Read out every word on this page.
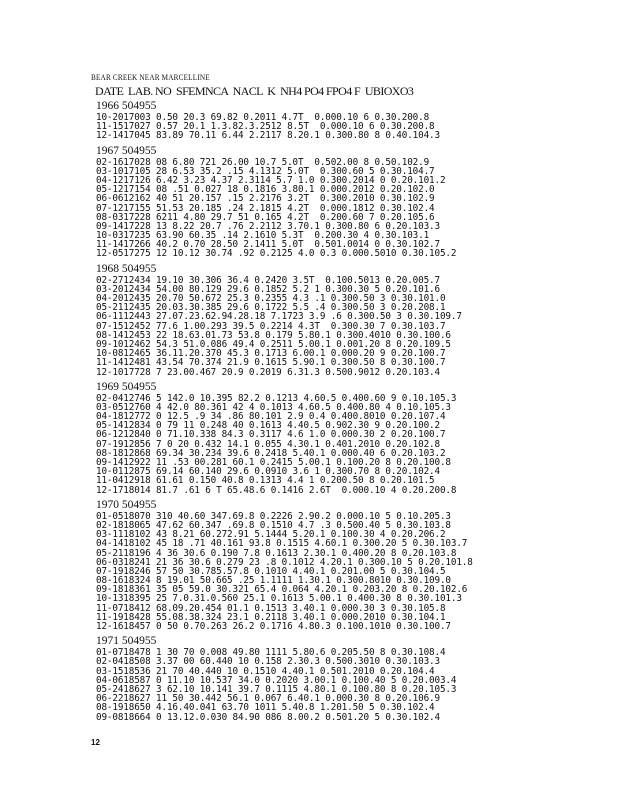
BEAR CREEK NEAR MARCELLINE
DATE  LAB. NO  SFEMNCA  NACL  K  NH4 PO4 FPO4 F  UBIOXO3
1966 504955
10-2017003 0.50 20.3 69.82 0.2011 4.7T  0.000.10 6 0.30.200.8
11-1517027 0.57 20.1 1.3.82.3.2512 8.5T  0.000.10 6 0.30.200.8
12-1417045 83.89 70.11 6.44 2.2117 8.20.1 0.300.80 8 0.40.104.3
1967 504955
02-1617028 08 6.80 721 26.00 10.7 5.0T  0.502.00 8 0.50.102.9
03-1017105 28 6.53 35.2 .15 4.1312 5.0T  0.300.60 5 0.30.104.7
04-1217126 6.42 3.23 4.37 2.3114 5.7 1.0 0.300.2014 0 0.20.101.2
05-1217154 08 .51 0.027 18 0.1816 3.80.1 0.000.2012 0.20.102.0
06-0612162 40 51 20.157 .15 2.2176 3.2T  0.300.2010 0.30.102.9
07-1217155 51.53 20.185 .24 2.1815 4.2T  0.000.1812 0.30.102.4
08-0317228 6211 4.80 29.7 51 0.165 4.2T  0.200.60 7 0.20.105.6
09-1417228 13 8.22 20.7 .76 2.2112 3.70.1 0.300.80 6 0.20.103.3
10-0317235 63.90 60.35 .14 2.1610 5.3T  0.200.30 4 0.30.103.1
11-1417266 40.2 0.70 28.50 2.1411 5.0T  0.501.0014 0 0.30.102.7
12-0517275 12 10.12 30.74 .92 0.2125 4.0 0.3 0.000.5010 0.30.105.2
1968 504955
02-2712434 19.10 30.306 36.4 0.2420 3.5T  0.100.5013 0.20.005.7
03-2012434 54.00 80.129 29.6 0.1852 5.2 1 0.300.30 5 0.20.101.6
04-2012435 20.70 50.672 25.3 0.2355 4.3 .1 0.300.50 3 0.30.101.0
05-2112435 20.03.30.385 29.6 0.1722 5.5 .4 0.300.50 3 0.20.208.1
06-1112443 27.07.23.62.94.28.18 7.1723 3.9 .6 0.300.50 3 0.30.109.7
07-1512452 77.6 1.00.293 39.5 0.2214 4.3T  0.300.30 7 0.30.103.7
08-1412453 22 18.63.01.73 53.8 0.179 5.80.1 0.300.4010 0.30.100.6
09-1012462 54.3 51.0.086 49.4 0.2511 5.00.1 0.001.20 8 0.20.109.5
10-0812465 36.11.20.370 45.3 0.1713 6.00.1 0.000.20 9 0.20.100.7
11-1412481 43.54 70.374 21.9 0.1615 5.90.1 0.300.50 8 0.30.100.7
12-1017728 7 23.00.467 20.9 0.2019 6.31.3 0.500.9012 0.20.103.4
1969 504955
02-0412746 5 142.0 10.395 82.2 0.1213 4.60.5 0.400.60 9 0.10.105.3
03-0512760 4 42.0 80.361 42 4 0.1013 4.60.5 0.400.80 4 0.10.105.3
04-1812772 0 12.5 .9 34 .86 80.101 2.9 0.4 0.400.8010 0.20.107.4
05-1412834 0 79 11 0.248 40 0.1613 4.40.5 0.902.30 9 0.20.100.2
06-1212840 0 71.10.338 84.3 0.3117 4.6 1.0 0.000.30 2 0.20.100.7
07-1912856 7 0 20 0.432 14.1 0.055 4.30.1 0.401.2010 0.20.102.8
08-1812868 69.34 30.234 39.6 0.2418 5.40.1 0.000.40 6 0.20.103.2
09-1412922 11 .53 00.281 60.1 0.2415 5.00.1 0.100.20 8 0.20.100.8
10-0112875 69.14 60.140 29.6 0.0910 3.6 1 0.300.70 8 0.20.102.4
11-0412918 61.61 0.150 40.8 0.1313 4.4 1 0.200.50 8 0.20.101.5
12-1718014 81.7 .61 6 T 65.48.6 0.1416 2.6T  0.000.10 4 0.20.200.8
1970 504955
01-0518070 310 40.60 347.69.8 0.2226 2.90.2 0.000.10 5 0.10.205.3
02-1818065 47.62 60.347 .69.8 0.1510 4.7 .3 0.500.40 5 0.30.103.8
03-1118102 43 8.21 60.272.91 5.1444 5.20.1 0.100.30 4 0.20.206.2
04-1418102 45 18 .71 40.161 93.8 0.1515 4.60.1 0.300.20 5 0.30.103.7
05-2118196 4 36 30.6 0.190 7.8 0.1613 2.30.1 0.400.20 8 0.20.103.8
06-0318241 21 36 30.6 0.279 23 .8 0.1012 4.20.1 0.300.10 5 0.20.101.8
07-1918246 57 50 30.785.57.8 0.1010 4.40.1 0.201.00 5 0.30.104.5
08-1618324 8 19.01 50.665 .25 1.1111 1.30.1 0.300.8010 0.30.109.0
09-1818361 35 05 59.0 30.321 65.4 0.064 4.20.1 0.203.20 8 0.20.102.6
10-1318395 25 7.0.31.0.560 25.1 0.1613 5.00.1 0.400.30 8 0.30.101.3
11-0718412 68.09.20.454 01.1 0.1513 3.40.1 0.000.30 3 0.30.105.8
11-1918428 55.08.38.324 23.1 0.2118 3.40.1 0.000.2010 0.30.104.1
12-1618457 0 50 0.70.263 26.2 0.1716 4.80.3 0.100.1010 0.30.100.7
1971 504955
01-0718478 1 30 70 0.008 49.80 1111 5.80.6 0.205.50 8 0.30.108.4
02-0418508 3.37 00 60.440 10 0.158 2.30.3 0.500.3010 0.30.103.3
03-1518536 21 70 40.440 10 0.1510 4.40.1 0.501.2010 0.20.104.4
04-0618587 0 11.10 10.537 34.0 0.2020 3.00.1 0.100.40 5 0.20.003.4
05-2418627 3 62.10 10.141 39.7 0.1115 4.80.1 0.100.80 8 0.20.105.3
06-2218627 11 50 30.442 56.1 0.067 6.40.1 0.000.30 8 0.20.106.9
08-1918650 4.16.40.041 63.70 1011 5.40.8 1.201.50 5 0.30.102.4
09-0818664 0 13.12.0.030 84.90 086 8.00.2 0.501.20 5 0.30.102.4
12
